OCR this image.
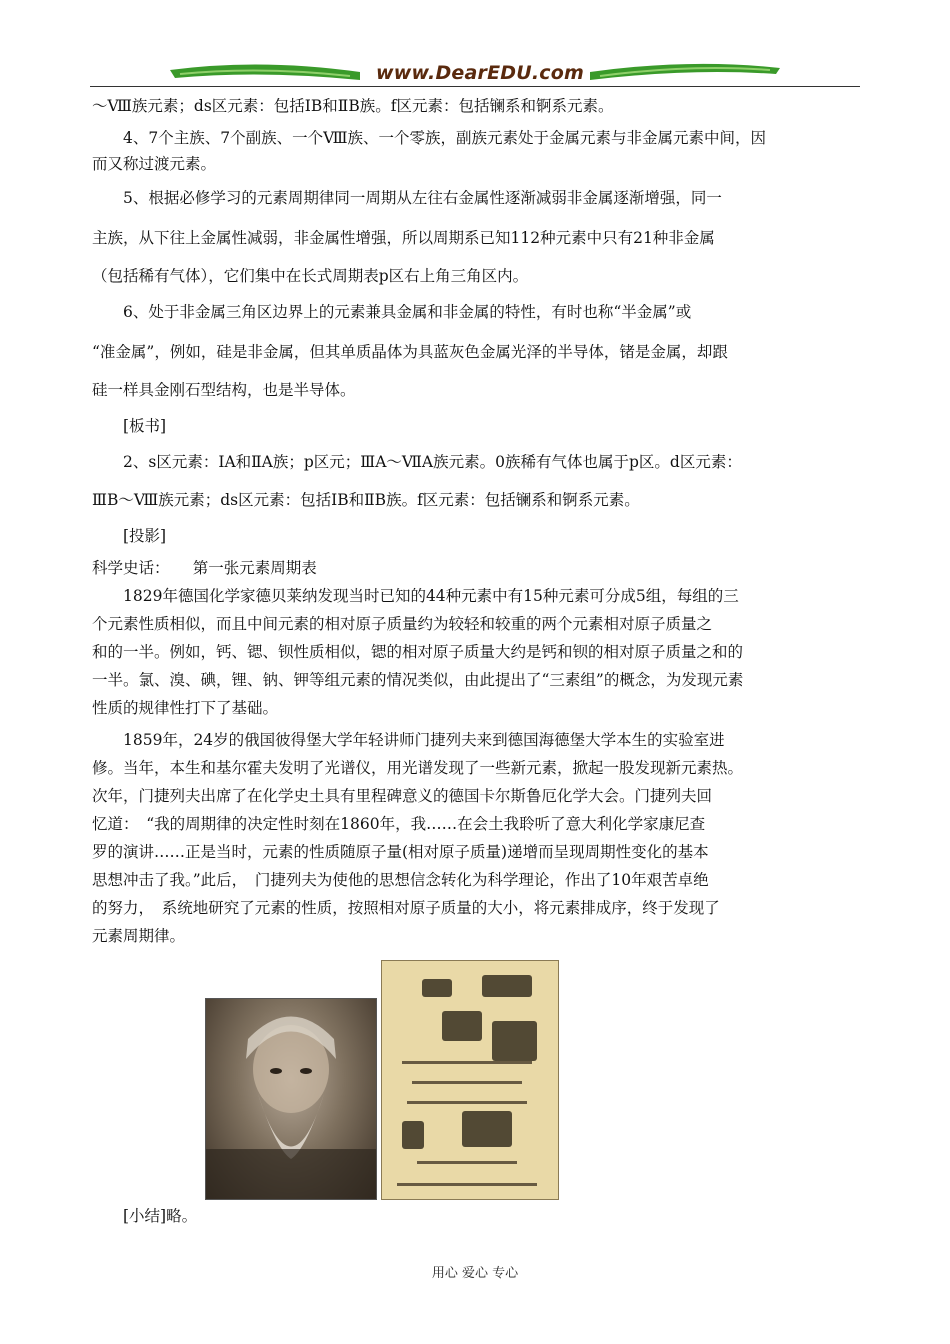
www.DearEDU.com
～Ⅷ族元素；ds区元素：包括ⅠB和ⅡB族。f区元素：包括镧系和锕系元素。
　　4、7个主族、7个副族、一个Ⅷ族、一个零族，副族元素处于金属元素与非金属元素中间，因
而又称过渡元素。
　　5、根据必修学习的元素周期律同一周期从左往右金属性逐渐减弱非金属逐渐增强，同一
主族，从下往上金属性减弱，非金属性增强，所以周期系已知112种元素中只有21种非金属
（包括稀有气体），它们集中在长式周期表p区右上角三角区内。
　　6、处于非金属三角区边界上的元素兼具金属和非金属的特性，有时也称“半金属”或
“准金属”，例如，硅是非金属，但其单质晶体为具蓝灰色金属光泽的半导体，锗是金属，却跟
硅一样具金刚石型结构，也是半导体。
　　[板书]
　　2、s区元素：ⅠA和ⅡA族；p区元；ⅢA～ⅦA族元素。0族稀有气体也属于p区。d区元素：
ⅢB～Ⅷ族元素；ds区元素：包括ⅠB和ⅡB族。f区元素：包括镧系和锕系元素。
　　[投影]
科学史话：　　第一张元素周期表
　　1829年德国化学家德贝莱纳发现当时已知的44种元素中有15种元素可分成5组，每组的三
个元素性质相似，而且中间元素的相对原子质量约为较轻和较重的两个元素相对原子质量之
和的一半。例如，钙、锶、钡性质相似，锶的相对原子质量大约是钙和钡的相对原子质量之和的
一半。氯、溴、碘，锂、钠、钾等组元素的情况类似，由此提出了“三素组”的概念，为发现元素
性质的规律性打下了基础。
　　1859年，24岁的俄国彼得堡大学年轻讲师门捷列夫来到德国海德堡大学本生的实验室进
修。当年，本生和基尔霍夫发明了光谱仪，用光谱发现了一些新元素，掀起一股发现新元素热。
次年，门捷列夫出席了在化学史土具有里程碑意义的德国卡尔斯鲁厄化学大会。门捷列夫回
忆道：　“我的周期律的决定性时刻在1860年，我……在会土我聆听了意大利化学家康尼查
罗的演讲……正是当时，元素的性质随原子量(相对原子质量)递增而呈现周期性变化的基本
思想冲击了我。”此后，　门捷列夫为使他的思想信念转化为科学理论，作出了10年艰苦卓绝
的努力，　系统地研究了元素的性质，按照相对原子质量的大小，将元素排成序，终于发现了
元素周期律。
　　[小结]略。
用心 爱心 专心
